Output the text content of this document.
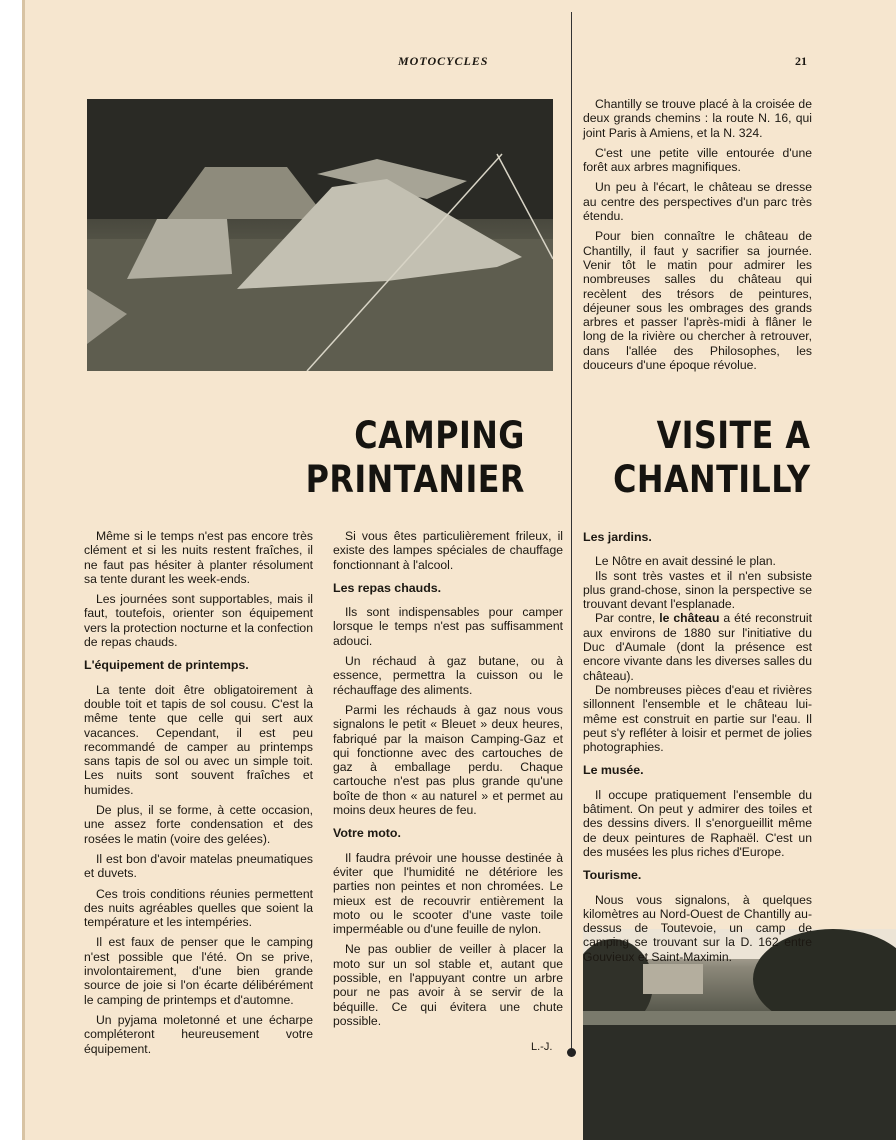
MOTOCYCLES	21
CAMPING
PRINTANIER
VISITE A
CHANTILLY

Même si le temps n'est pas encore très clément et si les nuits restent fraîches, il ne faut pas hésiter à planter résolument sa tente durant les week-ends.

Les journées sont supportables, mais il faut, toutefois, orienter son équipement vers la protection nocturne et la confection de repas chauds.

L'équipement de printemps.

La tente doit être obligatoirement à double toit et tapis de sol cousu. C'est la même tente que celle qui sert aux vacances. Cependant, il est peu recommandé de camper au printemps sans tapis de sol ou avec un simple toit. Les nuits sont souvent fraîches et humides.

De plus, il se forme, à cette occasion, une assez forte condensation et des rosées le matin (voire des gelées).

Il est bon d'avoir matelas pneumatiques et duvets.

Ces trois conditions réunies permettent des nuits agréables quelles que soient la température et les intempéries.

Il est faux de penser que le camping n'est possible que l'été. On se prive, involontairement, d'une bien grande source de joie si l'on écarte délibérément le camping de printemps et d'automne.

Un pyjama moletonné et une écharpe compléteront heureusement votre équipement.

Si vous êtes particulièrement frileux, il existe des lampes spéciales de chauffage fonctionnant à l'alcool.

Les repas chauds.

Ils sont indispensables pour camper lorsque le temps n'est pas suffisamment adouci.

Un réchaud à gaz butane, ou à essence, permettra la cuisson ou le réchauffage des aliments.

Parmi les réchauds à gaz nous vous signalons le petit « Bleuet » deux heures, fabriqué par la maison Camping-Gaz et qui fonctionne avec des cartouches de gaz à emballage perdu. Chaque cartouche n'est pas plus grande qu'une boîte de thon « au naturel » et permet au moins deux heures de feu.

Votre moto.

Il faudra prévoir une housse destinée à éviter que l'humidité ne détériore les parties non peintes et non chromées. Le mieux est de recouvrir entièrement la moto ou le scooter d'une vaste toile imperméable ou d'une feuille de nylon.

Ne pas oublier de veiller à placer la moto sur un sol stable et, autant que possible, en l'appuyant contre un arbre pour ne pas avoir à se servir de la béquille. Ce qui évitera une chute possible.

L.-J.

Chantilly se trouve placé à la croisée de deux grands chemins : la route N. 16, qui joint Paris à Amiens, et la N. 324.

C'est une petite ville entourée d'une forêt aux arbres magnifiques.

Un peu à l'écart, le château se dresse au centre des perspectives d'un parc très étendu.

Pour bien connaître le château de Chantilly, il faut y sacrifier sa journée. Venir tôt le matin pour admirer les nombreuses salles du château qui recèlent des trésors de peintures, déjeuner sous les ombrages des grands arbres et passer l'après-midi à flâner le long de la rivière ou chercher à retrouver, dans l'allée des Philosophes, les douceurs d'une époque révolue.

Les jardins.

Le Nôtre en avait dessiné le plan.

Ils sont très vastes et il n'en subsiste plus grand-chose, sinon la perspective se trouvant devant l'esplanade.

Par contre, le château a été reconstruit aux environs de 1880 sur l'initiative du Duc d'Aumale (dont la présence est encore vivante dans les diverses salles du château).

De nombreuses pièces d'eau et rivières sillonnent l'ensemble et le château lui-même est construit en partie sur l'eau. Il peut s'y refléter à loisir et permet de jolies photographies.

Le musée.

Il occupe pratiquement l'ensemble du bâtiment. On peut y admirer des toiles et des dessins divers. Il s'enorgueillit même de deux peintures de Raphaël. C'est un des musées les plus riches d'Europe.

Tourisme.

Nous vous signalons, à quelques kilomètres au Nord-Ouest de Chantilly au-dessus de Toutevoie, un camp de camping se trouvant sur la D. 162 entre Gouvieux et Saint-Maximin.
